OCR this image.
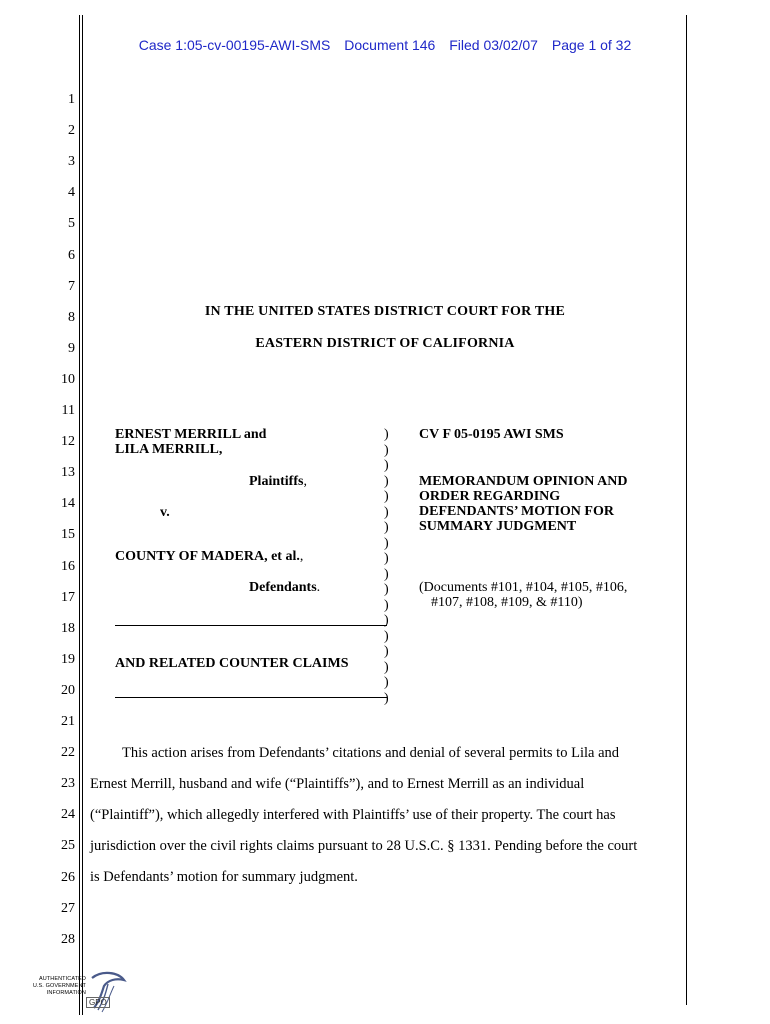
Case 1:05-cv-00195-AWI-SMS Document 146 Filed 03/02/07 Page 1 of 32
1
2
3
4
5
6
7
8
9
10
11
12
13
14
15
16
17
18
19
20
21
22
23
24
25
26
27
28
IN THE UNITED STATES DISTRICT COURT FOR THE
EASTERN DISTRICT OF CALIFORNIA
ERNEST MERRILL and
LILA MERRILL,
Plaintiffs,
v.
COUNTY OF MADERA, et al.,
Defendants.
AND RELATED COUNTER CLAIMS
)
)
)
)
)
)
)
)
)
)
)
)
)
)
)
)
)
)
CV F 05-0195 AWI SMS
MEMORANDUM OPINION AND
ORDER REGARDING
DEFENDANTS’ MOTION FOR
SUMMARY JUDGMENT
(Documents #101, #104, #105, #106,
#107, #108, #109, & #110)
This action arises from Defendants’ citations and denial of several permits to Lila and
Ernest Merrill, husband and wife (“Plaintiffs”), and to Ernest Merrill as an individual
(“Plaintiff”), which allegedly interfered with Plaintiffs’ use of their property. The court has
jurisdiction over the civil rights claims pursuant to 28 U.S.C. § 1331. Pending before the court
is Defendants’ motion for summary judgment.
AUTHENTICATED
U.S. GOVERNMENT
INFORMATION
GPO
